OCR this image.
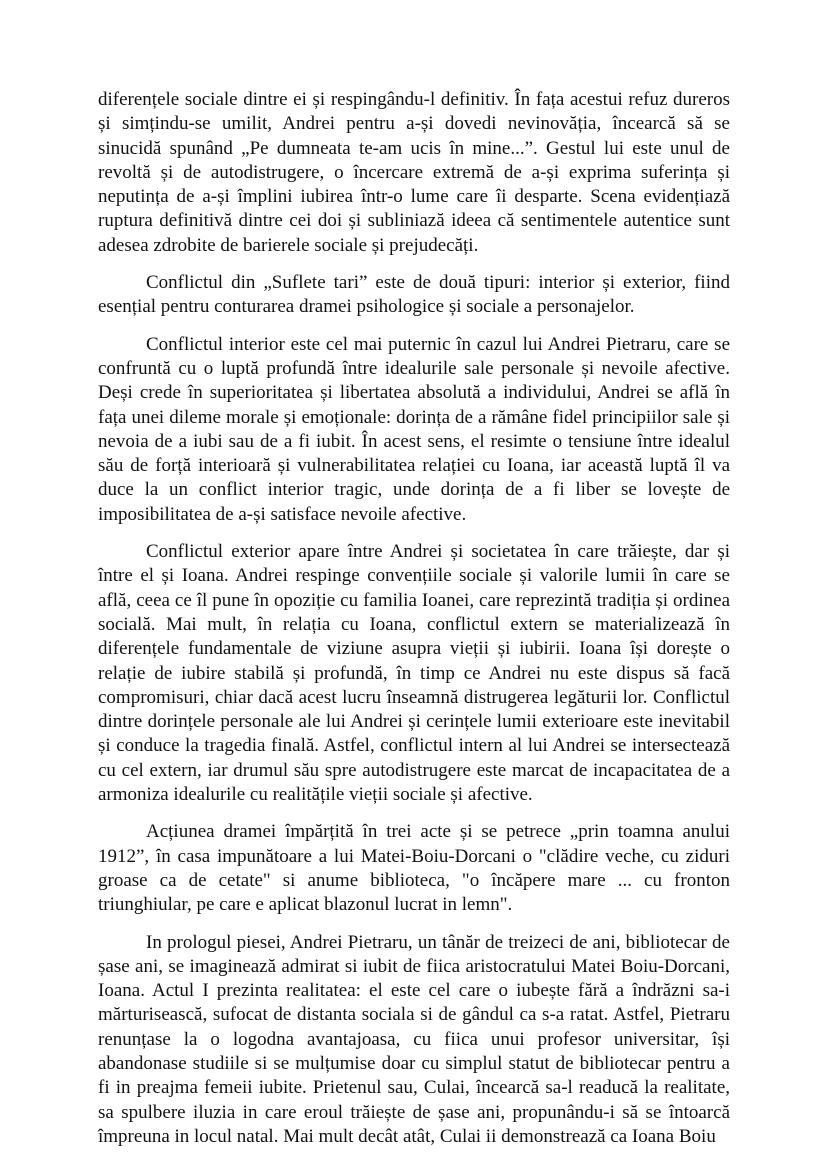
diferențele sociale dintre ei și respingându-l definitiv. În fața acestui refuz dureros și simțindu-se umilit, Andrei pentru a-și dovedi nevinovăția, încearcă să se sinucidă spunând „Pe dumneata te-am ucis în mine...”. Gestul lui este unul de revoltă și de autodistrugere, o încercare extremă de a-și exprima suferința și neputința de a-și împlini iubirea într-o lume care îi desparte. Scena evidențiază ruptura definitivă dintre cei doi și subliniază ideea că sentimentele autentice sunt adesea zdrobite de barierele sociale și prejudecăți.

Conflictul din „Suflete tari” este de două tipuri: interior și exterior, fiind esențial pentru conturarea dramei psihologice și sociale a personajelor.

Conflictul interior este cel mai puternic în cazul lui Andrei Pietraru, care se confruntă cu o luptă profundă între idealurile sale personale și nevoile afective. Deși crede în superioritatea și libertatea absolută a individului, Andrei se află în fața unei dileme morale și emoționale: dorința de a rămâne fidel principiilor sale și nevoia de a iubi sau de a fi iubit. În acest sens, el resimte o tensiune între idealul său de forță interioară și vulnerabilitatea relației cu Ioana, iar această luptă îl va duce la un conflict interior tragic, unde dorința de a fi liber se lovește de imposibilitatea de a-și satisface nevoile afective.

Conflictul exterior apare între Andrei și societatea în care trăiește, dar și între el și Ioana. Andrei respinge convențiile sociale și valorile lumii în care se află, ceea ce îl pune în opoziție cu familia Ioanei, care reprezintă tradiția și ordinea socială. Mai mult, în relația cu Ioana, conflictul extern se materializează în diferențele fundamentale de viziune asupra vieții și iubirii. Ioana își dorește o relație de iubire stabilă și profundă, în timp ce Andrei nu este dispus să facă compromisuri, chiar dacă acest lucru înseamnă distrugerea legăturii lor. Conflictul dintre dorințele personale ale lui Andrei și cerințele lumii exterioare este inevitabil și conduce la tragedia finală. Astfel, conflictul intern al lui Andrei se intersectează cu cel extern, iar drumul său spre autodistrugere este marcat de incapacitatea de a armoniza idealurile cu realitățile vieții sociale și afective.

Acțiunea dramei împărțită în trei acte și se petrece „prin toamna anului 1912”, în casa impunătoare a lui Matei-Boiu-Dorcani o "clădire veche, cu ziduri groase ca de cetate" si anume biblioteca, "o încăpere mare ... cu fronton triunghiular, pe care e aplicat blazonul lucrat in lemn".

In prologul piesei, Andrei Pietraru, un tânăr de treizeci de ani, bibliotecar de șase ani, se imaginează admirat si iubit de fiica aristocratului Matei Boiu-Dorcani, Ioana. Actul I prezinta realitatea: el este cel care o iubește fără a îndrăzni sa-i mărturisească, sufocat de distanta sociala si de gândul ca s-a ratat. Astfel, Pietraru renunțase la o logodna avantajoasa, cu fiica unui profesor universitar, își abandonase studiile si se mulțumise doar cu simplul statut de bibliotecar pentru a fi in preajma femeii iubite. Prietenul sau, Culai, încearcă sa-l readucă la realitate, sa spulbere iluzia in care eroul trăiește de șase ani, propunându-i să se întoarcă împreuna in locul natal. Mai mult decât atât, Culai ii demonstrează ca Ioana Boiu
